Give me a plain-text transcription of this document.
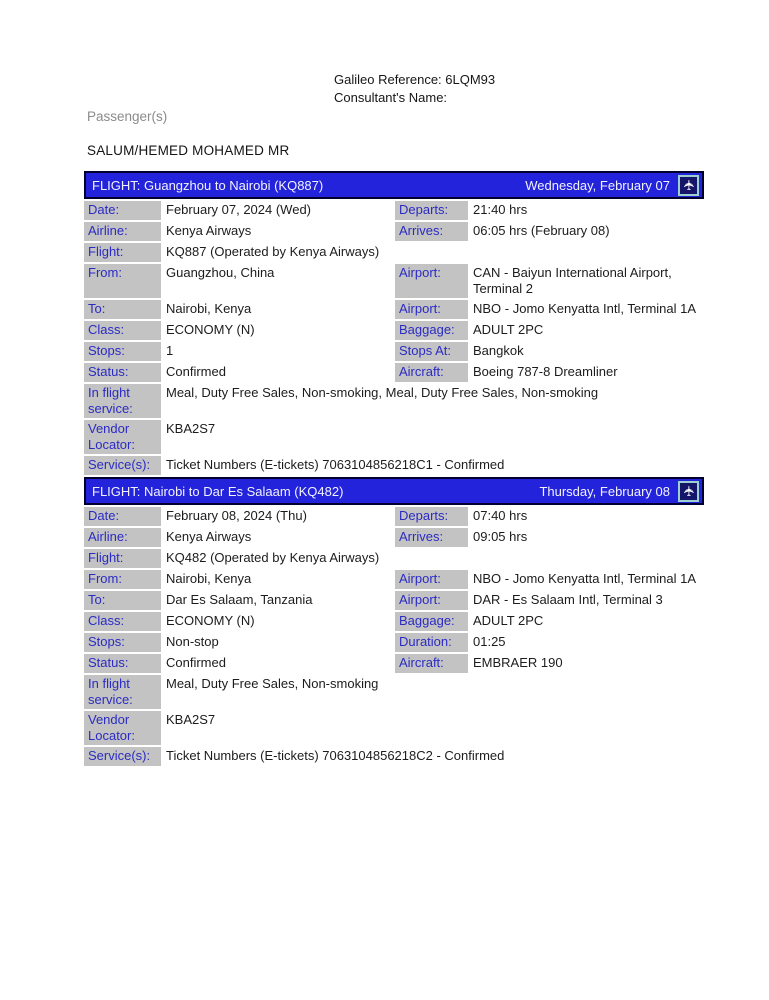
Galileo Reference: 6LQM93
Consultant's Name:
Passenger(s)
SALUM/HEMED MOHAMED MR
FLIGHT: Guangzhou to Nairobi (KQ887)	Wednesday, February 07 ✈
Date:	February 07, 2024 (Wed)	Departs:	21:40 hrs
Airline:	Kenya Airways	Arrives:	06:05 hrs (February 08)
Flight:	KQ887 (Operated by Kenya Airways)
From:	Guangzhou, China	Airport:	CAN - Baiyun International Airport, Terminal 2
To:	Nairobi, Kenya	Airport:	NBO - Jomo Kenyatta Intl, Terminal 1A
Class:	ECONOMY (N)	Baggage:	ADULT 2PC
Stops:	1	Stops At:	Bangkok
Status:	Confirmed	Aircraft:	Boeing 787-8 Dreamliner
In flight service:
Meal, Duty Free Sales, Non-smoking, Meal, Duty Free Sales, Non-smoking
Vendor Locator:
KBA2S7
Service(s):	Ticket Numbers (E-tickets) 7063104856218C1 - Confirmed
FLIGHT: Nairobi to Dar Es Salaam (KQ482)	Thursday, February 08 ✈
Date:	February 08, 2024 (Thu)	Departs:	07:40 hrs
Airline:	Kenya Airways	Arrives:	09:05 hrs
Flight:	KQ482 (Operated by Kenya Airways)
From:	Nairobi, Kenya	Airport:	NBO - Jomo Kenyatta Intl, Terminal 1A
To:	Dar Es Salaam, Tanzania	Airport:	DAR - Es Salaam Intl, Terminal 3
Class:	ECONOMY (N)	Baggage:	ADULT 2PC
Stops:	Non-stop	Duration:	01:25
Status:	Confirmed	Aircraft:	EMBRAER 190
In flight service:
Meal, Duty Free Sales, Non-smoking
Vendor Locator:
KBA2S7
Service(s):	Ticket Numbers (E-tickets) 7063104856218C2 - Confirmed
